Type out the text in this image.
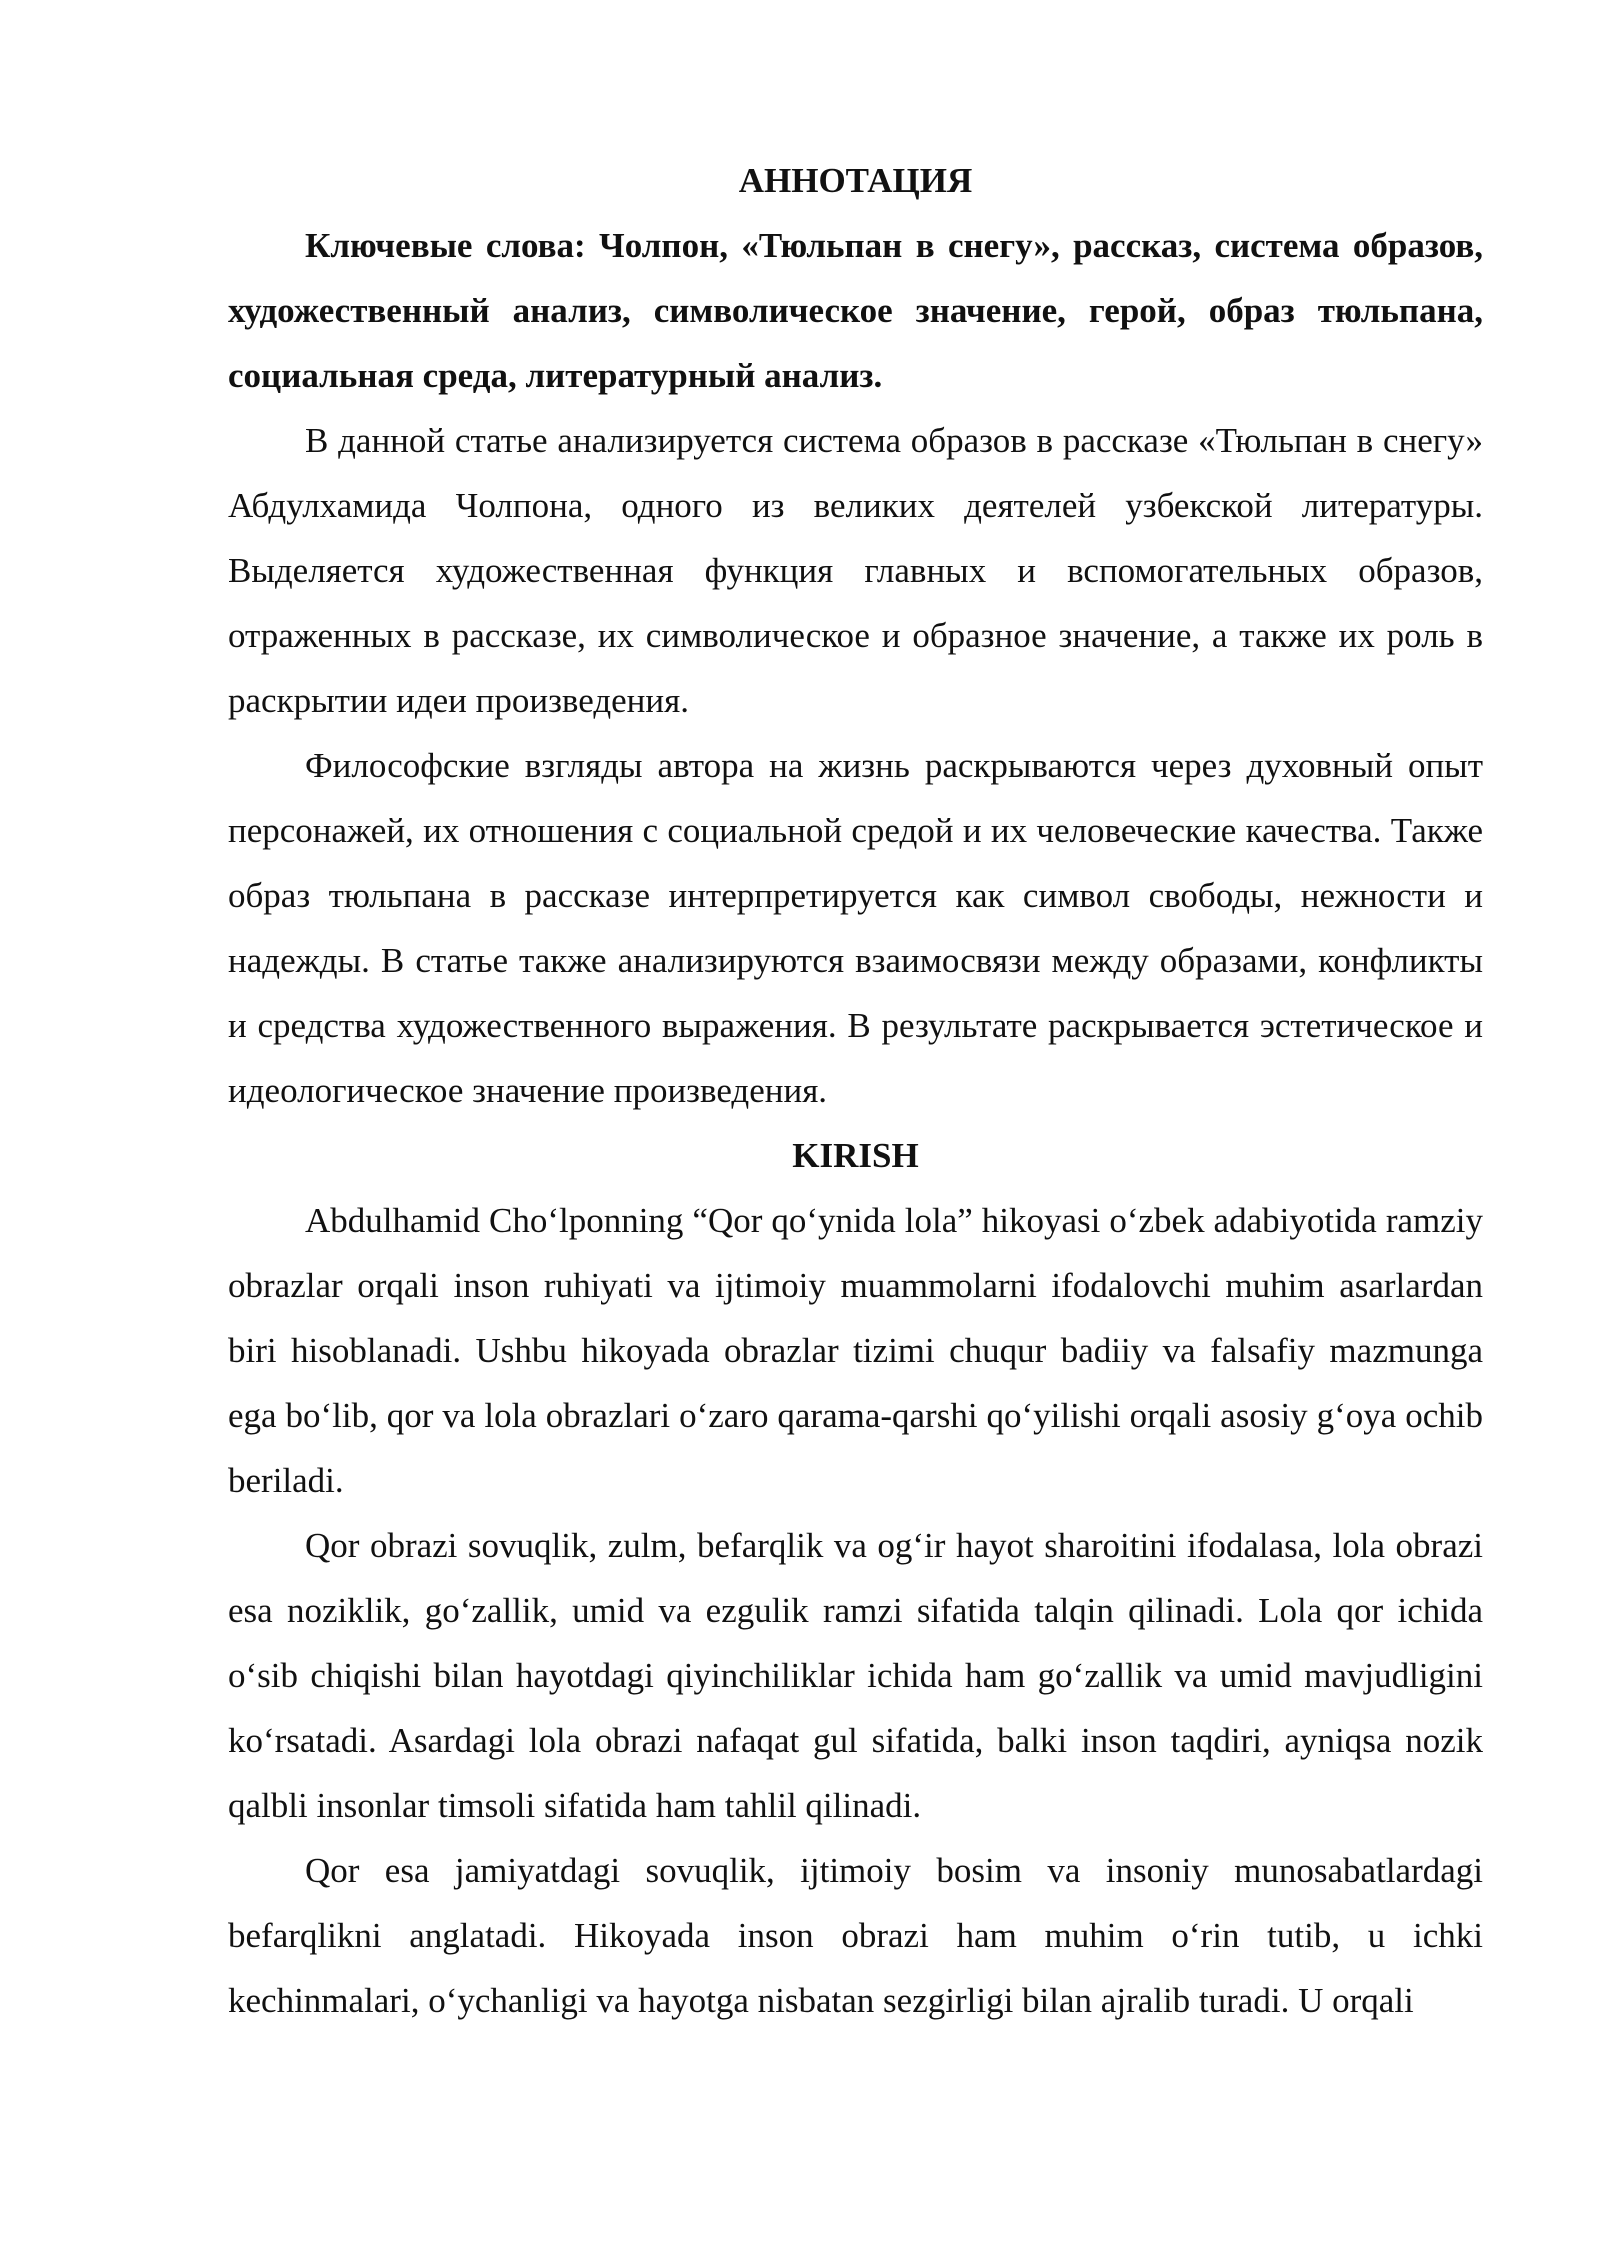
АННОТАЦИЯ

Ключевые слова: Чолпон, «Тюльпан в снегу», рассказ, система образов, художественный анализ, символическое значение, герой, образ тюльпана, социальная среда, литературный анализ.

В данной статье анализируется система образов в рассказе «Тюльпан в снегу» Абдулхамида Чолпона, одного из великих деятелей узбекской литературы. Выделяется художественная функция главных и вспомогательных образов, отраженных в рассказе, их символическое и образное значение, а также их роль в раскрытии идеи произведения.

Философские взгляды автора на жизнь раскрываются через духовный опыт персонажей, их отношения с социальной средой и их человеческие качества. Также образ тюльпана в рассказе интерпретируется как символ свободы, нежности и надежды. В статье также анализируются взаимосвязи между образами, конфликты и средства художественного выражения. В результате раскрывается эстетическое и идеологическое значение произведения.

KIRISH

Abdulhamid Cho‘lponning “Qor qo‘ynida lola” hikoyasi o‘zbek adabiyotida ramziy obrazlar orqali inson ruhiyati va ijtimoiy muammolarni ifodalovchi muhim asarlardan biri hisoblanadi. Ushbu hikoyada obrazlar tizimi chuqur badiiy va falsafiy mazmunga ega bo‘lib, qor va lola obrazlari o‘zaro qarama-qarshi qo‘yilishi orqali asosiy g‘oya ochib beriladi.

Qor obrazi sovuqlik, zulm, befarqlik va og‘ir hayot sharoitini ifodalasa, lola obrazi esa noziklik, go‘zallik, umid va ezgulik ramzi sifatida talqin qilinadi. Lola qor ichida o‘sib chiqishi bilan hayotdagi qiyinchiliklar ichida ham go‘zallik va umid mavjudligini ko‘rsatadi. Asardagi lola obrazi nafaqat gul sifatida, balki inson taqdiri, ayniqsa nozik qalbli insonlar timsoli sifatida ham tahlil qilinadi.

Qor esa jamiyatdagi sovuqlik, ijtimoiy bosim va insoniy munosabatlardagi befarqlikni anglatadi. Hikoyada inson obrazi ham muhim o‘rin tutib, u ichki kechinmalari, o‘ychanligi va hayotga nisbatan sezgirligi bilan ajralib turadi. U orqali
